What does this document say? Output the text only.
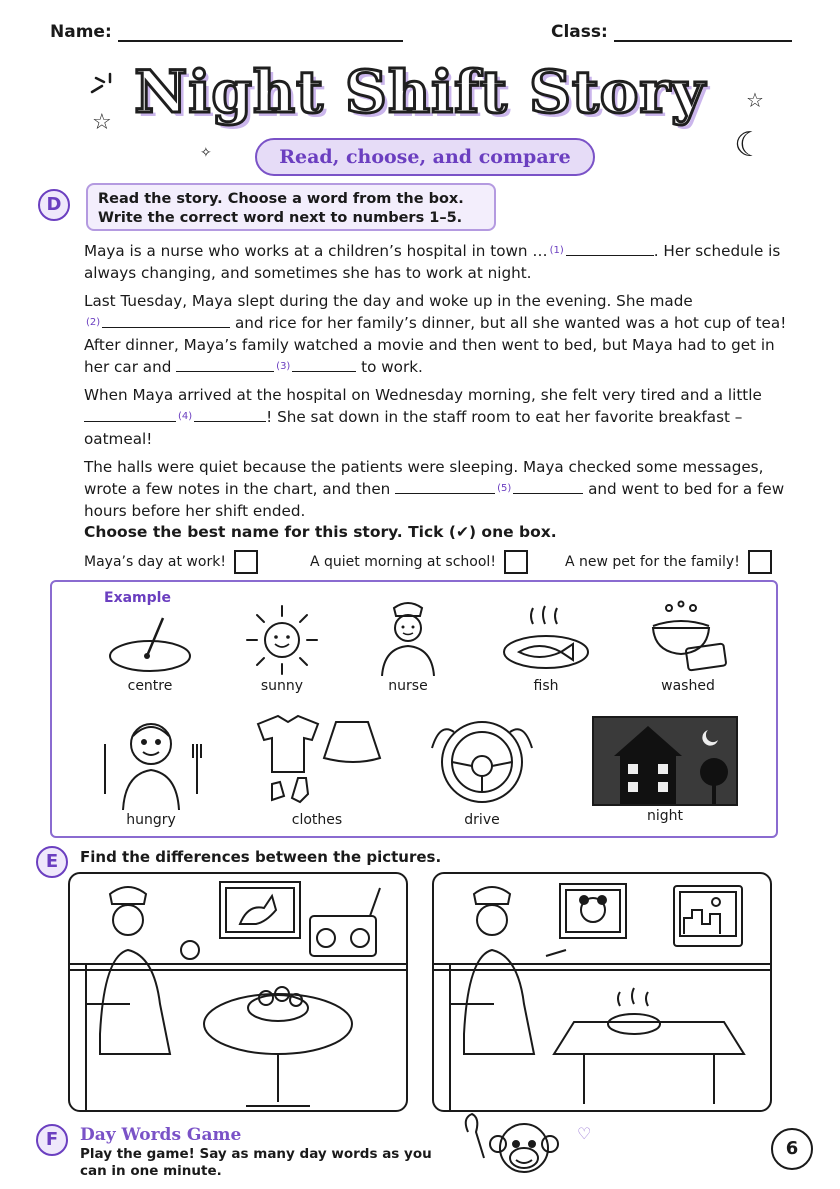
Name:	Class:
Night Shift Story
Read, choose, and compare
☆
✧
☆
☾
D	Read the story. Choose a word from the box.
Write the correct word next to numbers 1–5.

Maya is a nurse who works at a children’s hospital in town … (1)	. Her schedule is always changing, and sometimes she has to work at night.

Last Tuesday, Maya slept during the day and woke up in the evening. She made
(2)	and rice for her family’s dinner, but all she wanted was a hot cup of tea! After dinner, Maya’s family watched a movie and then went to bed, but Maya had to get in her car and	(3)	to work.

When Maya arrived at the hospital on Wednesday morning, she felt very tired and a little (4)	! She sat down in the staff room to eat her favorite breakfast – oatmeal!

The halls were quiet because the patients were sleeping. Maya checked some messages, wrote a few notes in the chart, and then	(5)	and went to bed for a few hours before her shift ended.

Choose the best name for this story. Tick (✔) one box.
Maya’s day at work!	A quiet morning at school!	A new pet for the family!
Example
centre	sunny	nurse	fish	washed
hungry	clothes	drive	night
E	Find the differences between the pictures.
F	Day Words Game
Play the game! Say as many day words as you can in one minute.
♡
6
